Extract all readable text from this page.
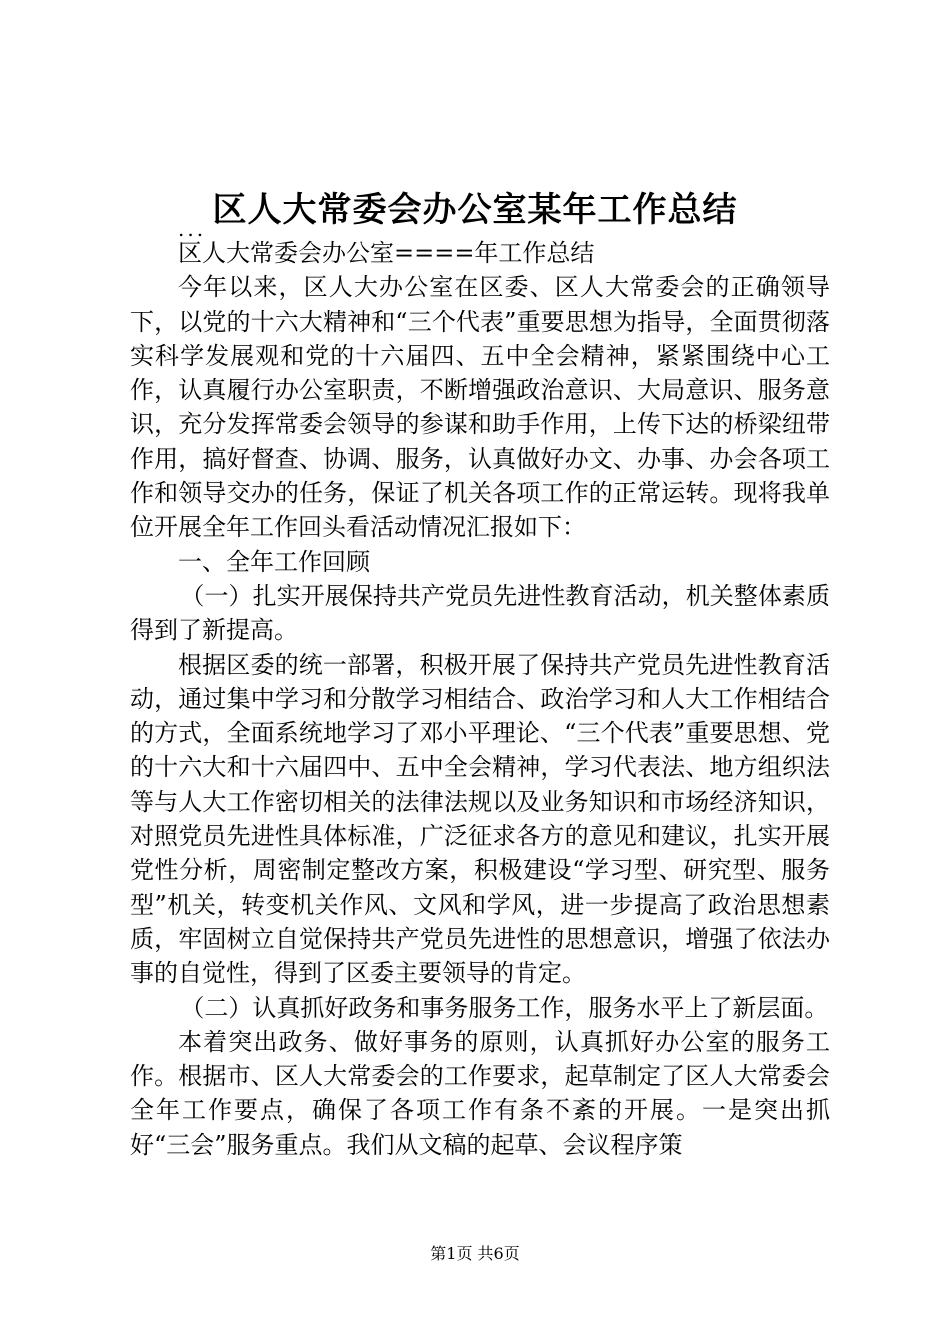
区人大常委会办公室某年工作总结
...

区人大常委会办公室====年工作总结

今年以来，区人大办公室在区委、区人大常委会的正确领导下，以党的十六大精神和“三个代表”重要思想为指导，全面贯彻落实科学发展观和党的十六届四、五中全会精神，紧紧围绕中心工作，认真履行办公室职责，不断增强政治意识、大局意识、服务意识，充分发挥常委会领导的参谋和助手作用，上传下达的桥梁纽带作用，搞好督查、协调、服务，认真做好办文、办事、办会各项工作和领导交办的任务，保证了机关各项工作的正常运转。现将我单位开展全年工作回头看活动情况汇报如下：

一、全年工作回顾

（一）扎实开展保持共产党员先进性教育活动，机关整体素质得到了新提高。

根据区委的统一部署，积极开展了保持共产党员先进性教育活动，通过集中学习和分散学习相结合、政治学习和人大工作相结合的方式，全面系统地学习了邓小平理论、“三个代表”重要思想、党的十六大和十六届四中、五中全会精神，学习代表法、地方组织法等与人大工作密切相关的法律法规以及业务知识和市场经济知识，对照党员先进性具体标准，广泛征求各方的意见和建议，扎实开展党性分析，周密制定整改方案，积极建设“学习型、研究型、服务型”机关，转变机关作风、文风和学风，进一步提高了政治思想素质，牢固树立自觉保持共产党员先进性的思想意识，增强了依法办事的自觉性，得到了区委主要领导的肯定。

（二）认真抓好政务和事务服务工作，服务水平上了新层面。

本着突出政务、做好事务的原则，认真抓好办公室的服务工作。根据市、区人大常委会的工作要求，起草制定了区人大常委会全年工作要点，确保了各项工作有条不紊的开展。一是突出抓好“三会”服务重点。我们从文稿的起草、会议程序策

第1页 共6页
